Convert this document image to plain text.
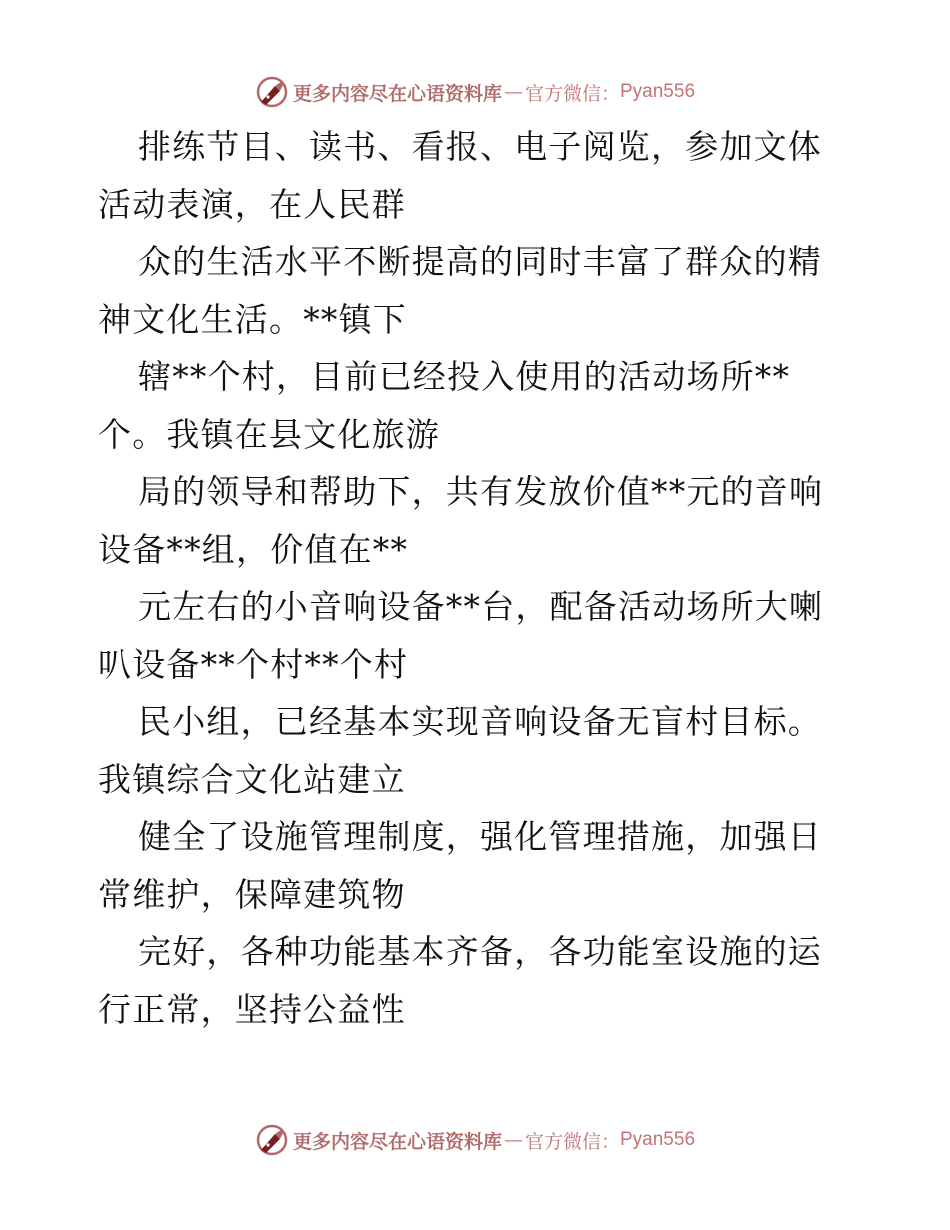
更多内容尽在心语资料库 — 官方微信： Pyan556

排练节目、读书、看报、电子阅览，参加文体活动表演，在人民群

众的生活水平不断提高的同时丰富了群众的精神文化生活。**镇下

辖**个村，目前已经投入使用的活动场所**个。我镇在县文化旅游

局的领导和帮助下，共有发放价值**元的音响设备**组，价值在**

元左右的小音响设备**台，配备活动场所大喇叭设备**个村**个村

民小组，已经基本实现音响设备无盲村目标。我镇综合文化站建立

健全了设施管理制度，强化管理措施，加强日常维护，保障建筑物

完好，各种功能基本齐备，各功能室设施的运行正常，坚持公益性

更多内容尽在心语资料库 — 官方微信： Pyan556
